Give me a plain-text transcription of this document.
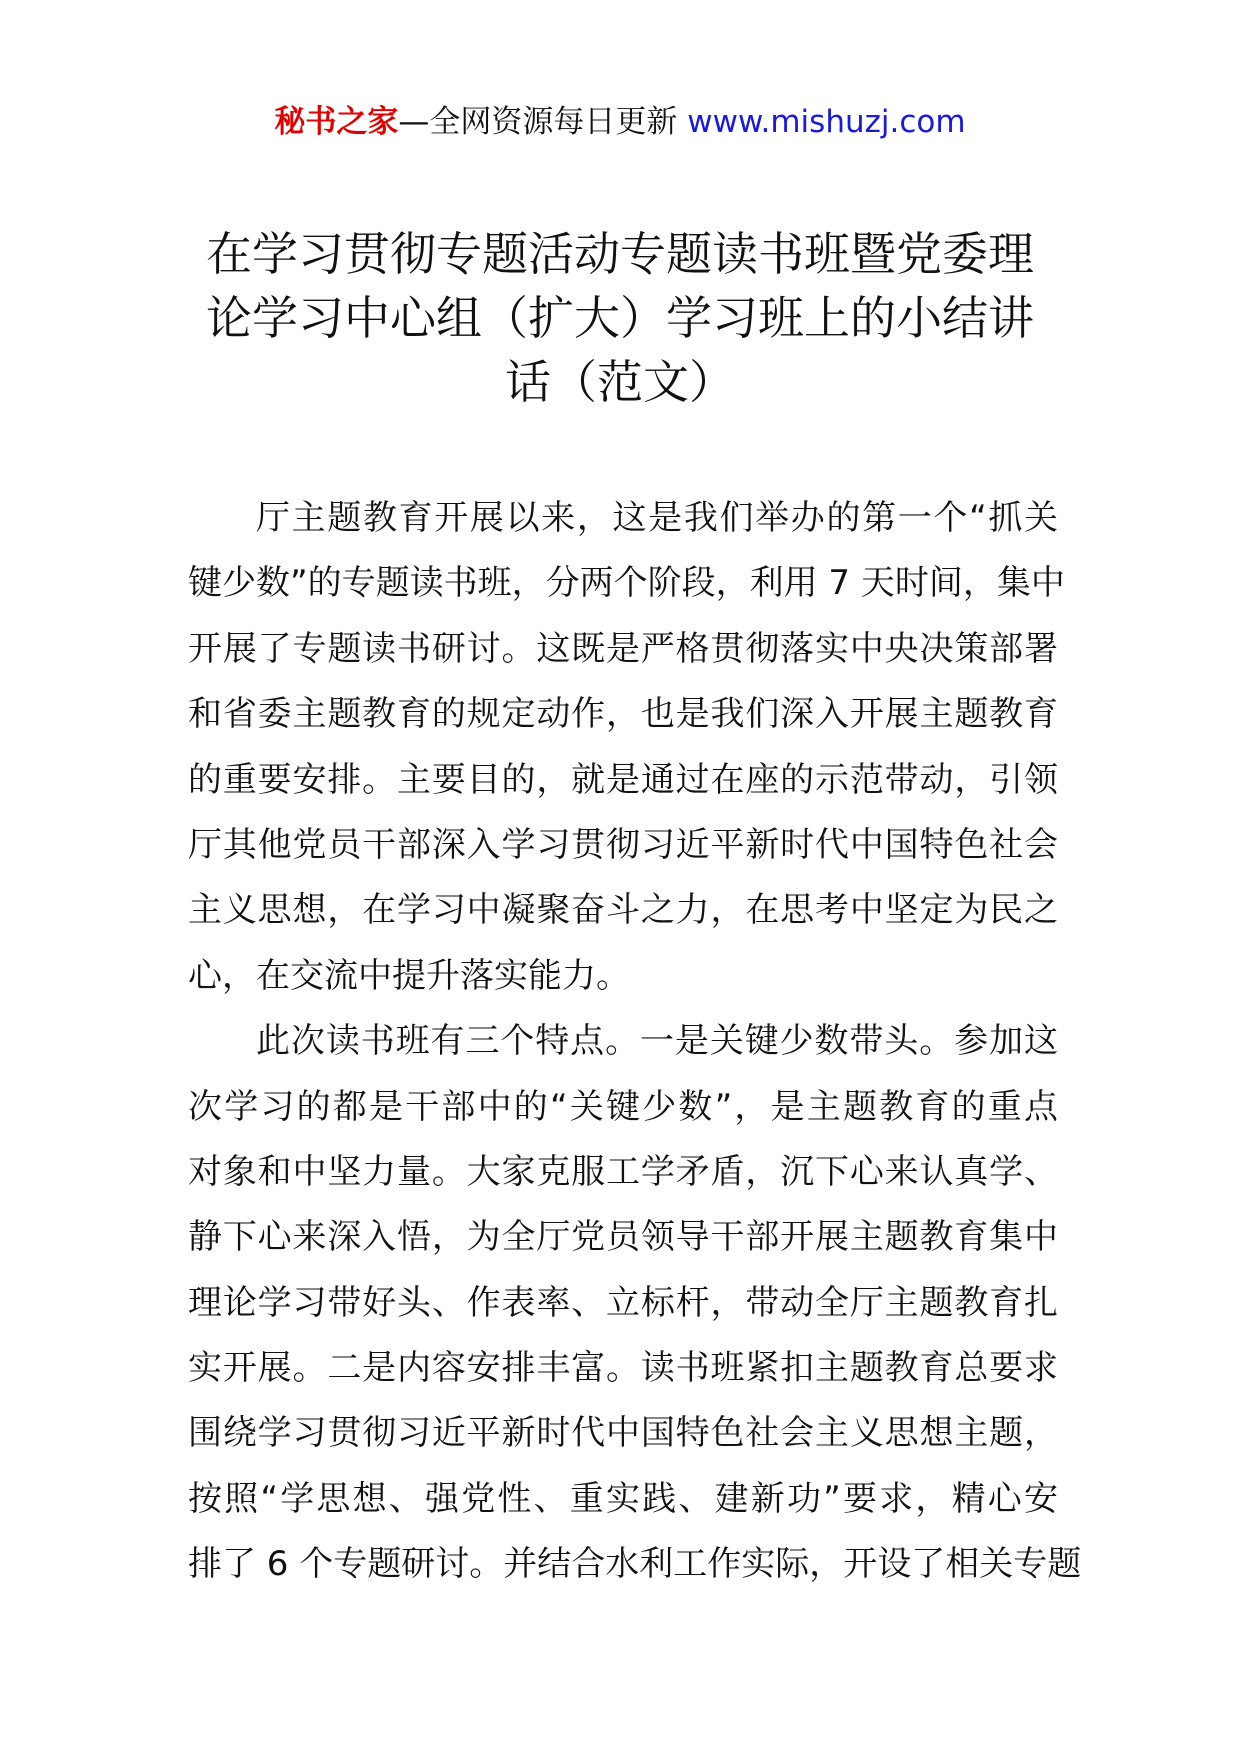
秘书之家—全网资源每日更新 www.mishuzj.com
在学习贯彻专题活动专题读书班暨党委理
论学习中心组（扩大）学习班上的小结讲
话（范文）
厅主题教育开展以来，这是我们举办的第一个“抓关
键少数”的专题读书班，分两个阶段，利用 7 天时间，集中
开展了专题读书研讨。这既是严格贯彻落实中央决策部署
和省委主题教育的规定动作，也是我们深入开展主题教育
的重要安排。主要目的，就是通过在座的示范带动，引领
厅其他党员干部深入学习贯彻习近平新时代中国特色社会
主义思想，在学习中凝聚奋斗之力，在思考中坚定为民之
心，在交流中提升落实能力。
此次读书班有三个特点。一是关键少数带头。参加这
次学习的都是干部中的“关键少数”，是主题教育的重点
对象和中坚力量。大家克服工学矛盾，沉下心来认真学、
静下心来深入悟，为全厅党员领导干部开展主题教育集中
理论学习带好头、作表率、立标杆，带动全厅主题教育扎
实开展。二是内容安排丰富。读书班紧扣主题教育总要求
围绕学习贯彻习近平新时代中国特色社会主义思想主题，
按照“学思想、强党性、重实践、建新功”要求，精心安
排了 6 个专题研讨。并结合水利工作实际，开设了相关专题
